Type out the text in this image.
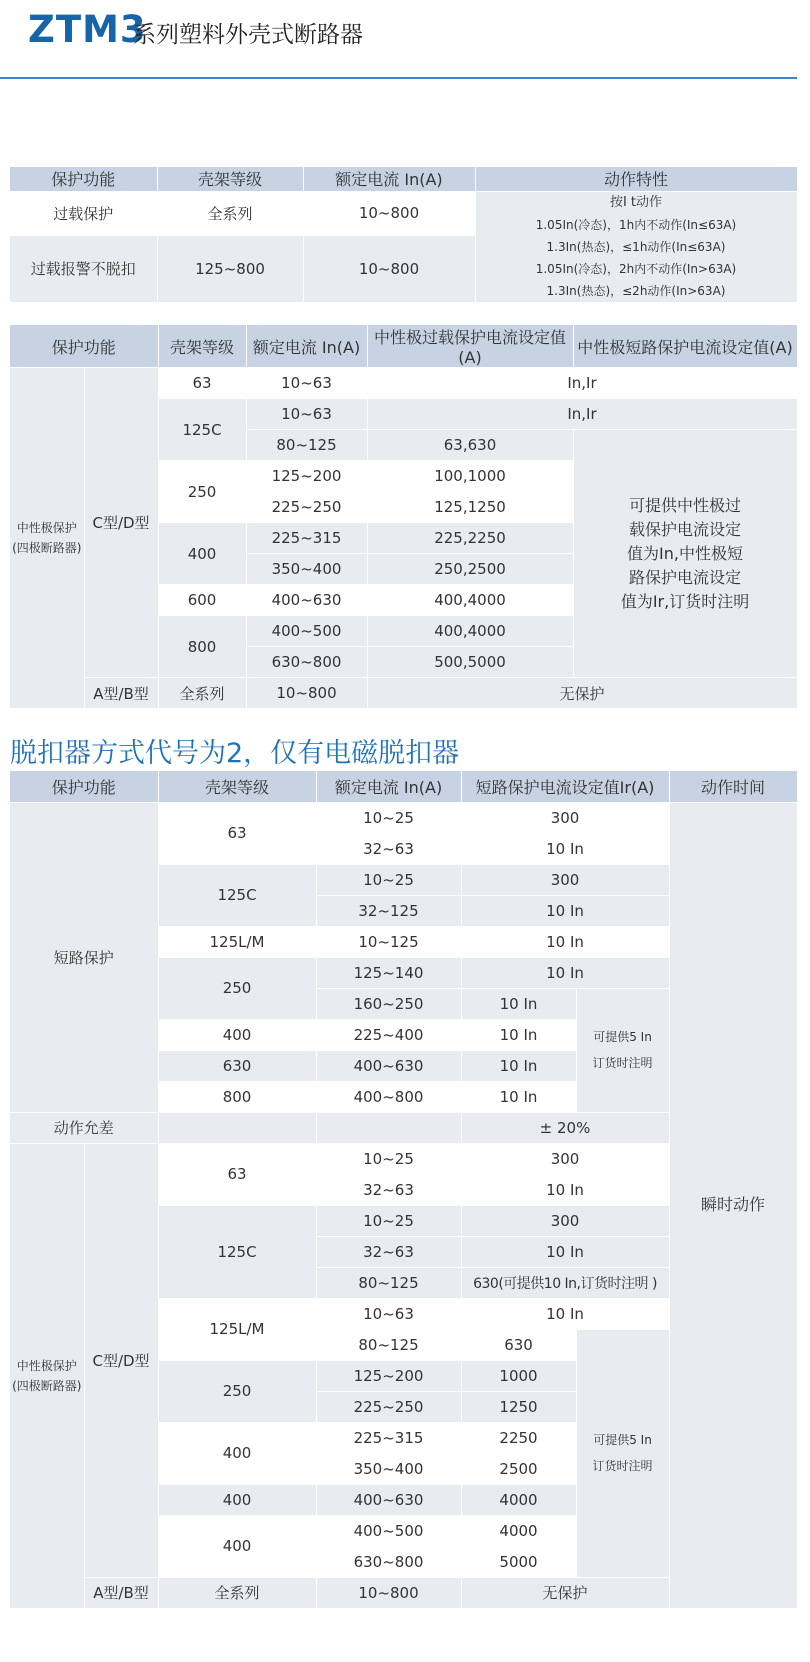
ZTM3
系列塑料外壳式断路器
保护功能	壳架等级	额定电流 In(A)	动作特性
过载保护	全系列	10~800	按I t动作
1.05In(冷态)，1h内不动作(In≤63A)
1.3In(热态)，≤1h动作(In≤63A)
1.05In(冷态)，2h内不动作(In>63A)
1.3In(热态)，≤2h动作(In>63A)

过载报警不脱扣	125~800	10~800	
保护功能		壳架等级	额定电流 In(A)	中性极过载保护电流设定值(A)	中性极短路保护电流设定值(A)

中性极保护
(四极断路器)	C型/D型	63	10~63	In,Ir	
		125C	10~63	In,Ir	
			80~125	63,630	可提供中性极过
载保护电流设定
值为In,中性极短
路保护电流设定
值为Ir,订货时注明

		250	125~200	100,1000	
			225~250	125,1250	
		400	225~315	225,2250	
			350~400	250,2500	
		600	400~630	400,4000	
		800	400~500	400,4000	
			630~800	500,5000	
	A型/B型	全系列	10~800	无保护	
脱扣器方式代号为2，仅有电磁脱扣器
保护功能		壳架等级	额定电流 In(A)	短路保护电流设定值Ir(A)		动作时间
短路保护		63	10~25	300		瞬时动作
			32~63	10 In		
		125C	10~25	300		
			32~125	10 In		
		125L/M	10~125	10 In		
		250	125~140	10 In		
			160~250	10 In	可提供5 In
订货时注明	

		400	225~400	10 In		
		630	400~630	10 In		
		800	400~800	10 In		
动作允差				± 20%		

中性极保护
(四极断路器)	C型/D型	63	10~25	300		
			32~63	10 In		
		125C	10~25	300		
			32~63	10 In		
			80~125	630(可提供10 In,订货时注明 )		
		125L/M	10~63	10 In		
			80~125	630	可提供5 In
订货时注明	

		250	125~200	1000		
			225~250	1250		
		400	225~315	2250		
			350~400	2500		
		400	400~630	4000		
		400	400~500	4000		
			630~800	5000		
	A型/B型	全系列	10~800	无保护		
